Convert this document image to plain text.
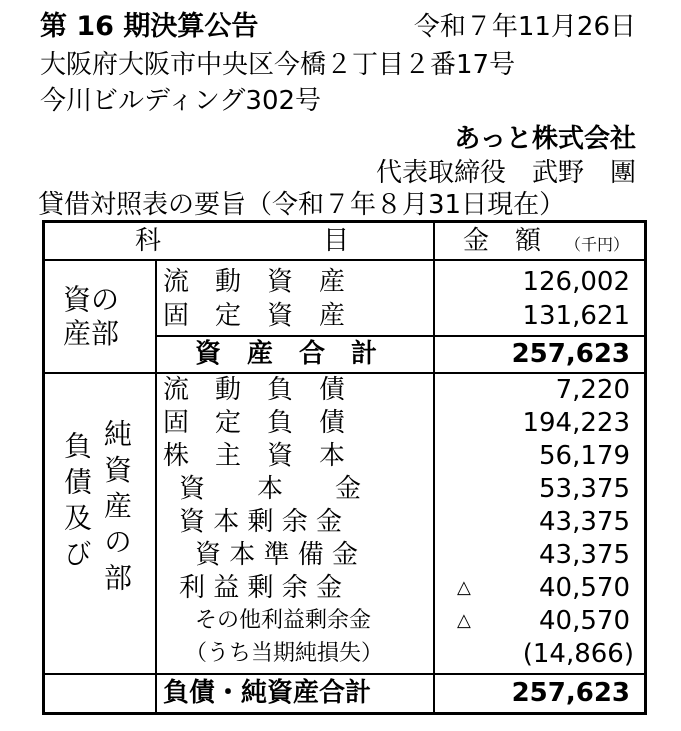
第 16 期決算公告	令和７年11月26日
大阪府大阪市中央区今橋２丁目２番17号
今川ビルディング302号
あっと株式会社
代表取締役　武野　團
貸借対照表の要旨（令和７年８月31日現在）
科	目	金　額 （千円）
資の
産部
流　動　資　産	126,002
固　定　資　産	131,621
資　産　合　計	257,623
負債及び 純資産の部
流　動　負　債	7,220
固　定　負　債	194,223
株　主　資　本	56,179
資　　本　　金	53,375
資 本 剰 余 金	43,375
資 本 準 備 金	43,375
利 益 剰 余 金	△	40,570
その他利益剰余金	△	40,570
（うち当期純損失）	(14,866)
負債・純資産合計	257,623
